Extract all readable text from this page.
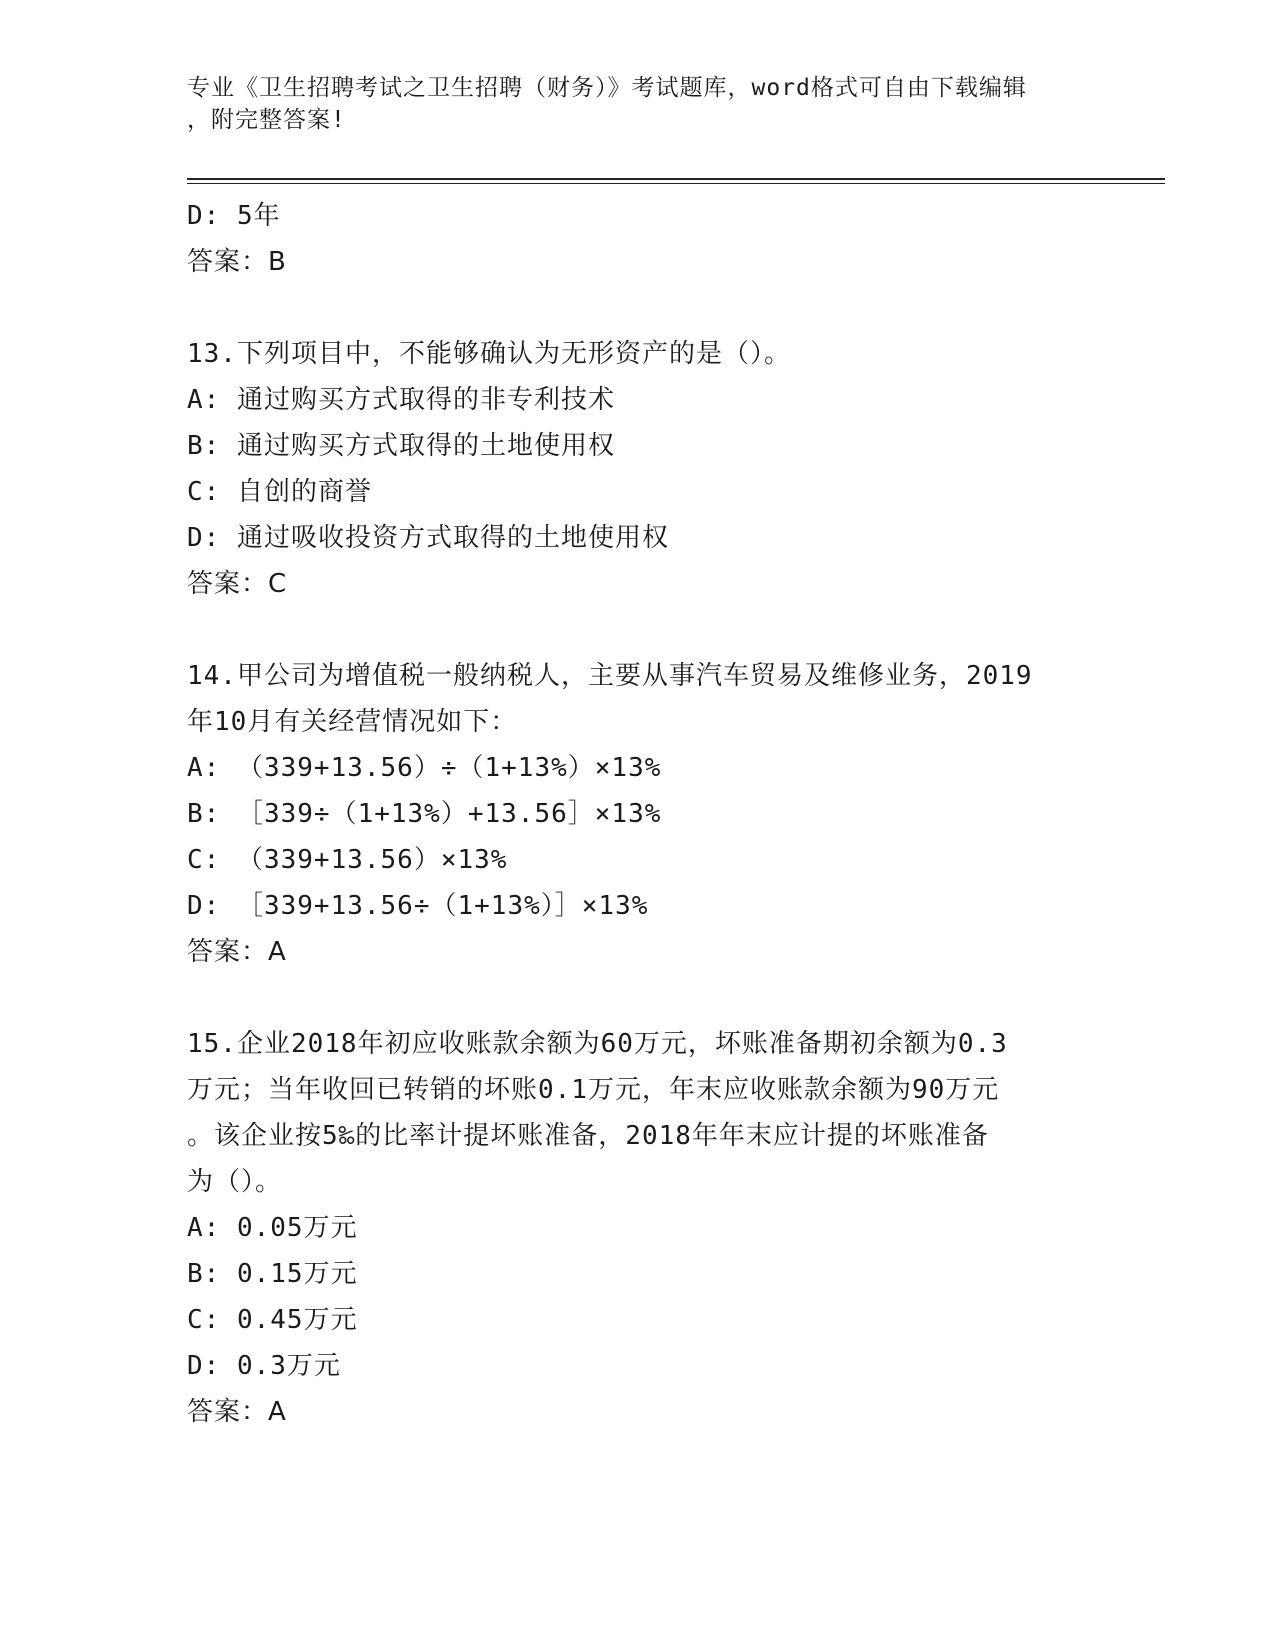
专业《卫生招聘考试之卫生招聘（财务）》考试题库，word格式可自由下载编辑
，附完整答案!
D: 5年
答案：B
13.下列项目中，不能够确认为无形资产的是（）。
A: 通过购买方式取得的非专利技术
B: 通过购买方式取得的土地使用权
C: 自创的商誉
D: 通过吸收投资方式取得的土地使用权
答案：C
14.甲公司为增值税一般纳税人，主要从事汽车贸易及维修业务，2019
年10月有关经营情况如下：
A: （339+13.56）÷（1+13%）×13%
B: ［339÷（1+13%）+13.56］×13%
C: （339+13.56）×13%
D: ［339+13.56÷（1+13%）］×13%
答案：A
15.企业2018年初应收账款余额为60万元，坏账准备期初余额为0.3
万元；当年收回已转销的坏账0.1万元，年末应收账款余额为90万元
。该企业按5‰的比率计提坏账准备，2018年年末应计提的坏账准备
为（）。
A: 0.05万元
B: 0.15万元
C: 0.45万元
D: 0.3万元
答案：A
